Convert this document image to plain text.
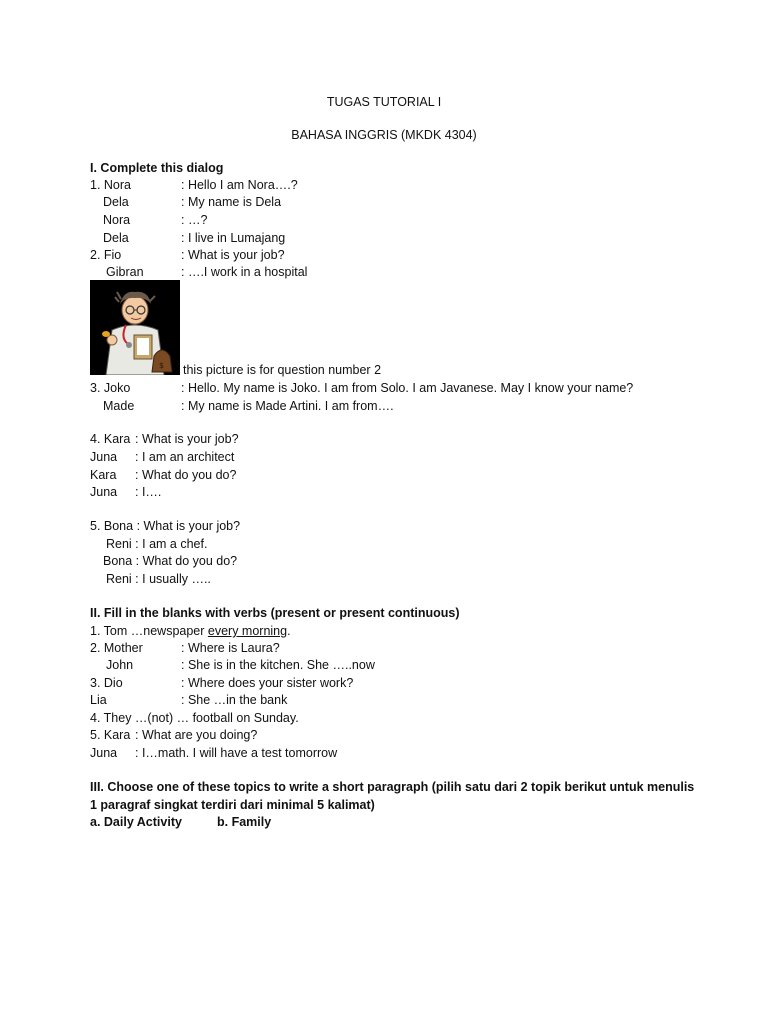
TUGAS TUTORIAL I
BAHASA INGGRIS (MKDK 4304)
I. Complete this dialog
1. Nora	: Hello I am Nora….?
Dela	: My name is Dela
Nora	: …?
Dela	: I live in Lumajang
2. Fio	: What is your job?
Gibran	: ….I work in a hospital
$ this picture is for question number 2
3. Joko	: Hello. My name is Joko. I am from Solo. I am Javanese. May I know your name?
Made	: My name is Made Artini. I am from….
4. Kara : What is your job?
Juna : I am an architect
Kara : What do you do?
Juna : I….
5. Bona : What is your job?
Reni : I am a chef.
Bona : What do you do?
Reni : I usually …..
II. Fill in the blanks with verbs (present or present continuous)
1. Tom …newspaper every morning.
2. Mother	: Where is Laura?
John	: She is in the kitchen. She …..now
3. Dio	: Where does your sister work?
Lia	: She …in the bank
4. They …(not) … football on Sunday.
5. Kara : What are you doing?
Juna : I…math. I will have a test tomorrow
III. Choose one of these topics to write a short paragraph (pilih satu dari 2 topik berikut untuk menulis
1 paragraf singkat terdiri dari minimal 5 kalimat)
a. Daily Activity	b. Family
